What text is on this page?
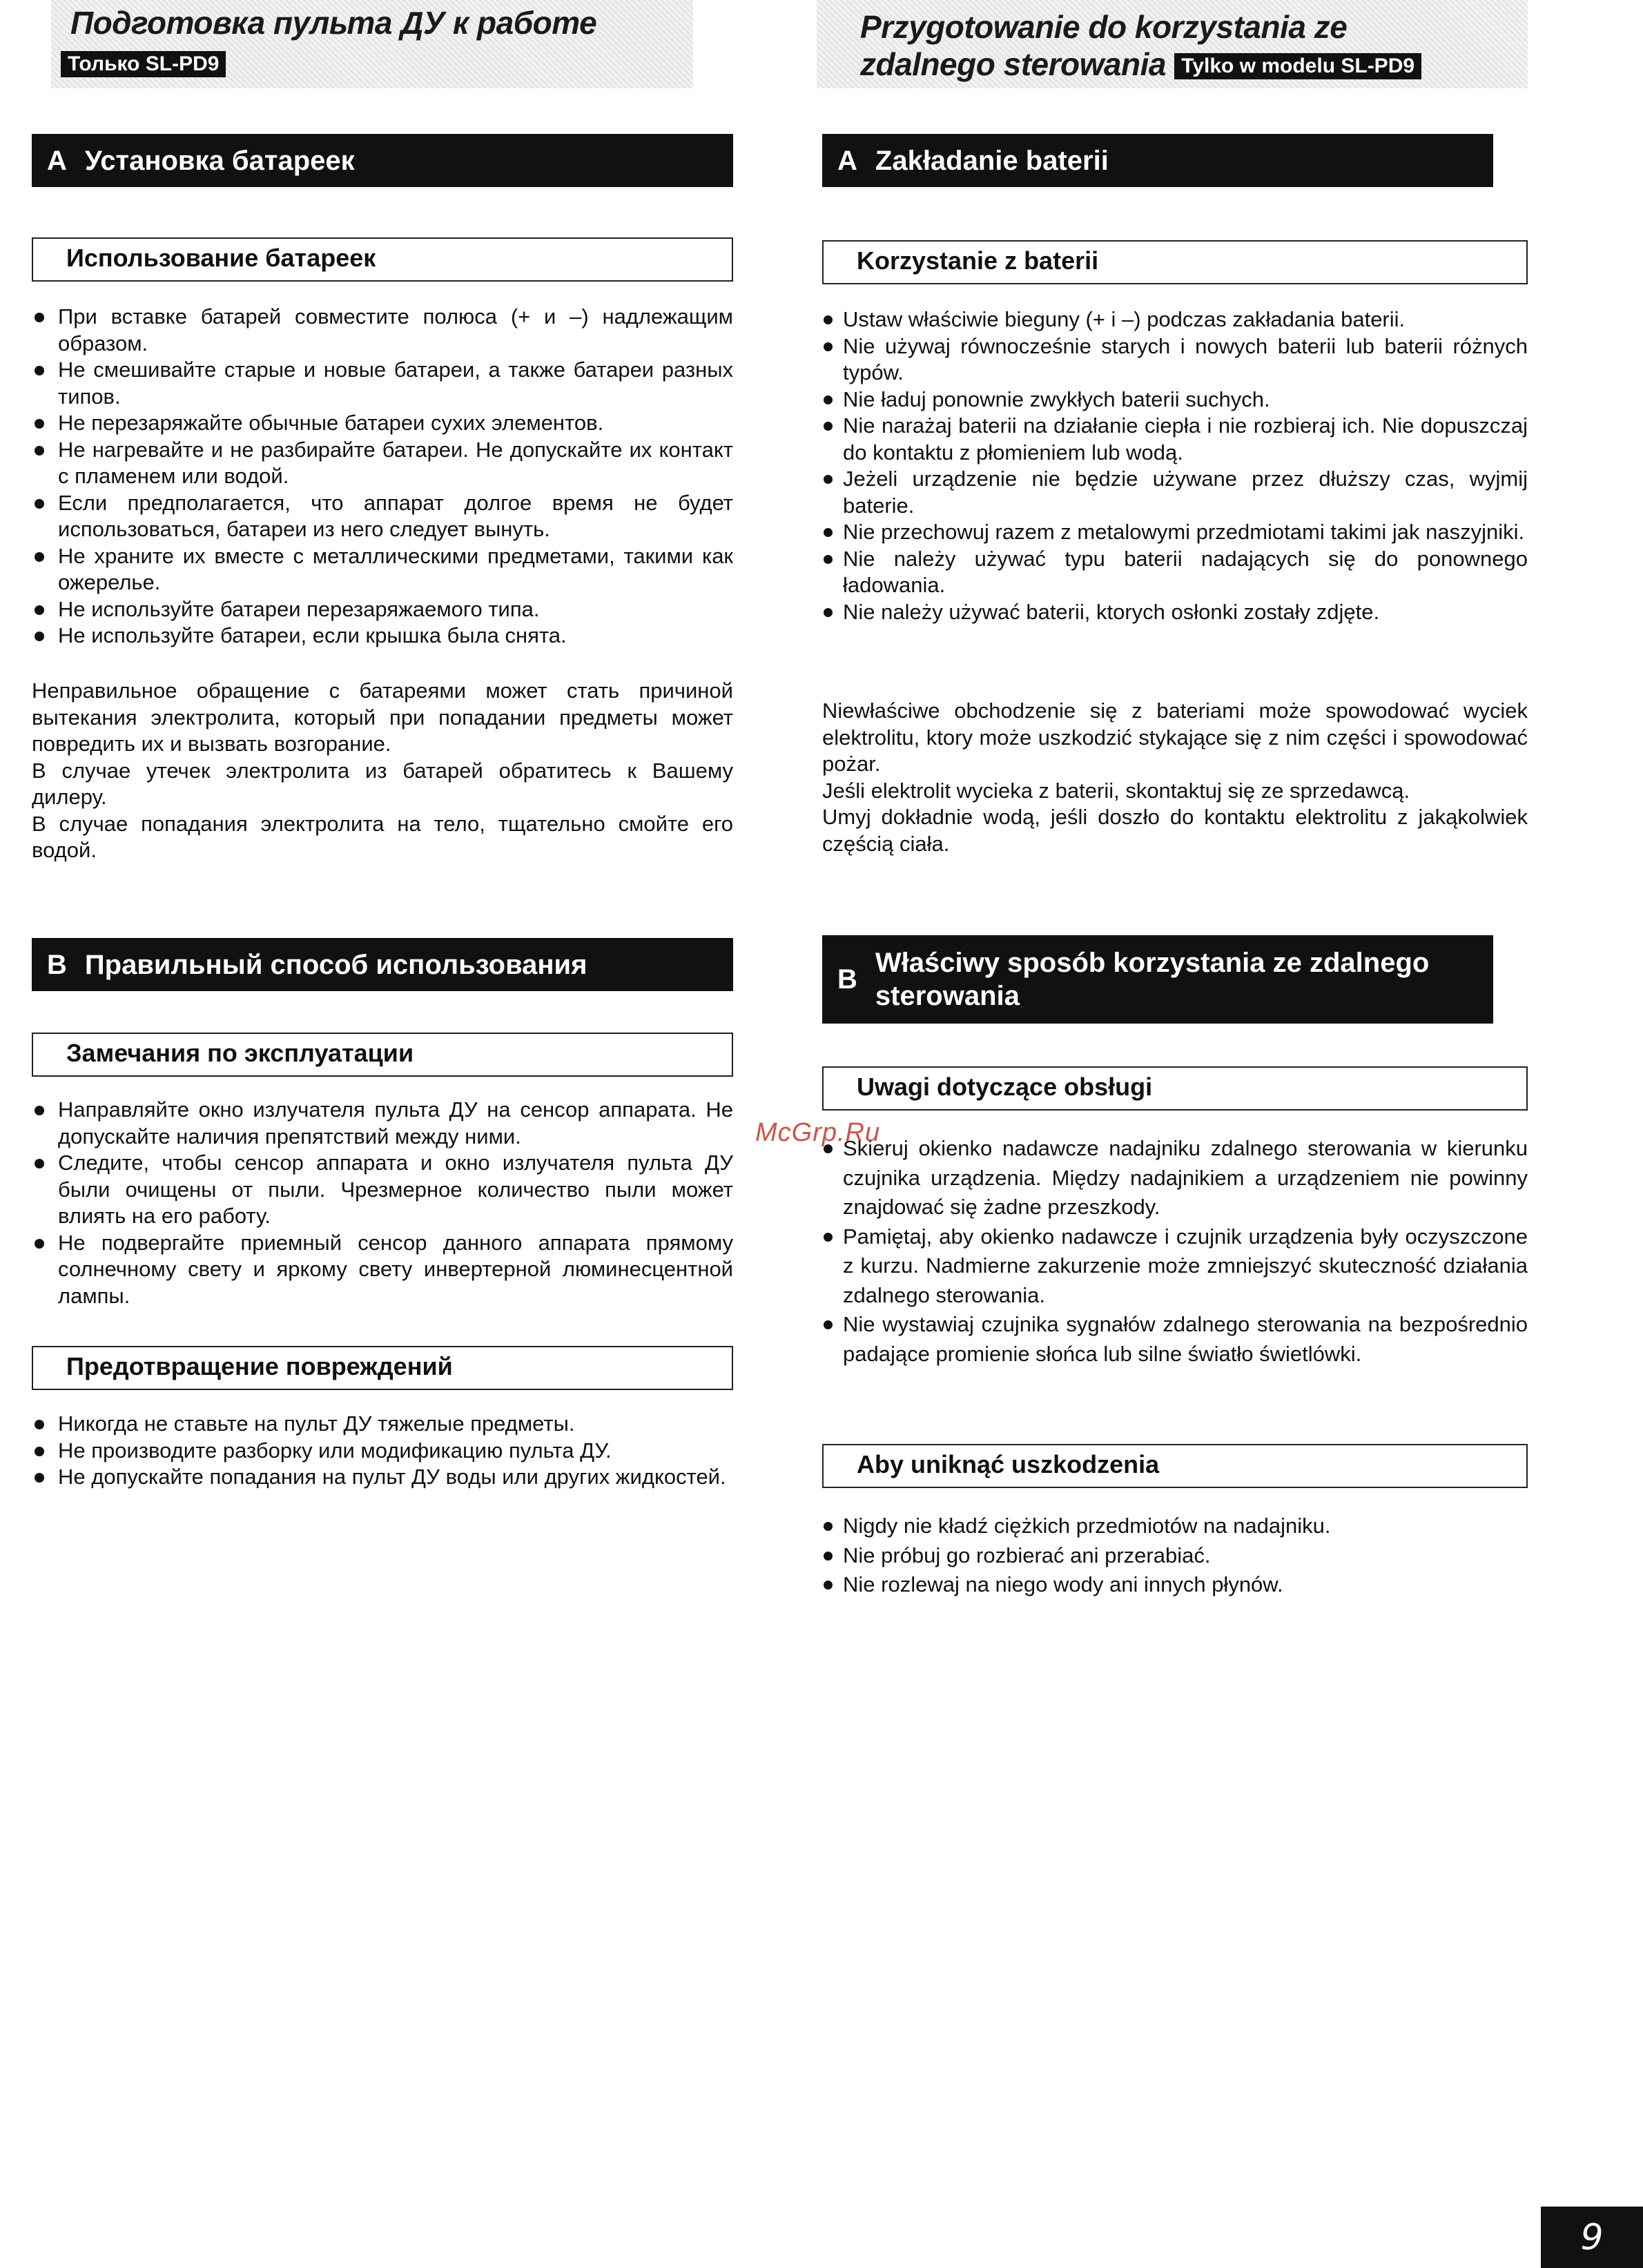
Подготовка пульта ДУ к работе
Только SL-PD9
A Установка батареек
Использование батареек
При вставке батарей совместите полюса (+ и –) надлежащим образом.
Не смешивайте старые и новые батареи, а также батареи разных типов.
Не перезаряжайте обычные батареи сухих элементов.
Не нагревайте и не разбирайте батареи. Не допускайте их контакт с пламенем или водой.
Если предполагается, что аппарат долгое время не будет использоваться, батареи из него следует вынуть.
Не храните их вместе с металлическими предметами, такими как ожерелье.
Не используйте батареи перезаряжаемого типа.
Не используйте батареи, если крышка была снята.
Неправильное обращение с батареями может стать причиной вытекания электролита, который при попадании предметы может повредить их и вызвать возгорание.
В случае утечек электролита из батарей обратитесь к Вашему дилеру.
В случае попадания электролита на тело, тщательно смойте его водой.
B Правильный способ использования
Замечания по эксплуатации
Направляйте окно излучателя пульта ДУ на сенсор аппарата. Не допускайте наличия препятствий между ними.
Следите, чтобы сенсор аппарата и окно излучателя пульта ДУ были очищены от пыли. Чрезмерное количество пыли может влиять на его работу.
Не подвергайте приемный сенсор данного аппарата прямому солнечному свету и яркому свету инвертерной люминесцентной лампы.
Предотвращение повреждений
Никогда не ставьте на пульт ДУ тяжелые предметы.
Не производите разборку или модификацию пульта ДУ.
Не допускайте попадания на пульт ДУ воды или других жидкостей.
Przygotowanie do korzystania ze
zdalnego sterowania Tylko w modelu SL-PD9
A Zakładanie baterii
Korzystanie z baterii
Ustaw właściwie bieguny (+ i –) podczas zakładania baterii.
Nie używaj równocześnie starych i nowych baterii lub baterii różnych typów.
Nie ładuj ponownie zwykłych baterii suchych.
Nie narażaj baterii na działanie ciepła i nie rozbieraj ich. Nie dopuszczaj do kontaktu z płomieniem lub wodą.
Jeżeli urządzenie nie będzie używane przez dłuższy czas, wyjmij baterie.
Nie przechowuj razem z metalowymi przedmiotami takimi jak naszyjniki.
Nie należy używać typu baterii nadających się do ponownego ładowania.
Nie należy używać baterii, ktorych osłonki zostały zdjęte.
Niewłaściwe obchodzenie się z bateriami może spowodować wyciek elektrolitu, ktory może uszkodzić stykające się z nim części i spowodować pożar.
Jeśli elektrolit wycieka z baterii, skontaktuj się ze sprzedawcą.
Umyj dokładnie wodą, jeśli doszło do kontaktu elektrolitu z jakąkolwiek częścią ciała.
B
Właściwy sposób korzystania ze zdalnego
sterowania
Uwagi dotyczące obsługi
Skieruj okienko nadawcze nadajniku zdalnego sterowania w kierunku czujnika urządzenia. Między nadajnikiem a urządzeniem nie powinny znajdować się żadne przeszkody.
Pamiętaj, aby okienko nadawcze i czujnik urządzenia były oczyszczone z kurzu. Nadmierne zakurzenie może zmniejszyć skuteczność działania zdalnego sterowania.
Nie wystawiaj czujnika sygnałów zdalnego sterowania na bezpośrednio padające promienie słońca lub silne światło świetlówki.
Aby uniknąć uszkodzenia
Nigdy nie kładź ciężkich przedmiotów na nadajniku.
Nie próbuj go rozbierać ani przerabiać.
Nie rozlewaj na niego wody ani innych płynów.
McGrp.Ru
9
